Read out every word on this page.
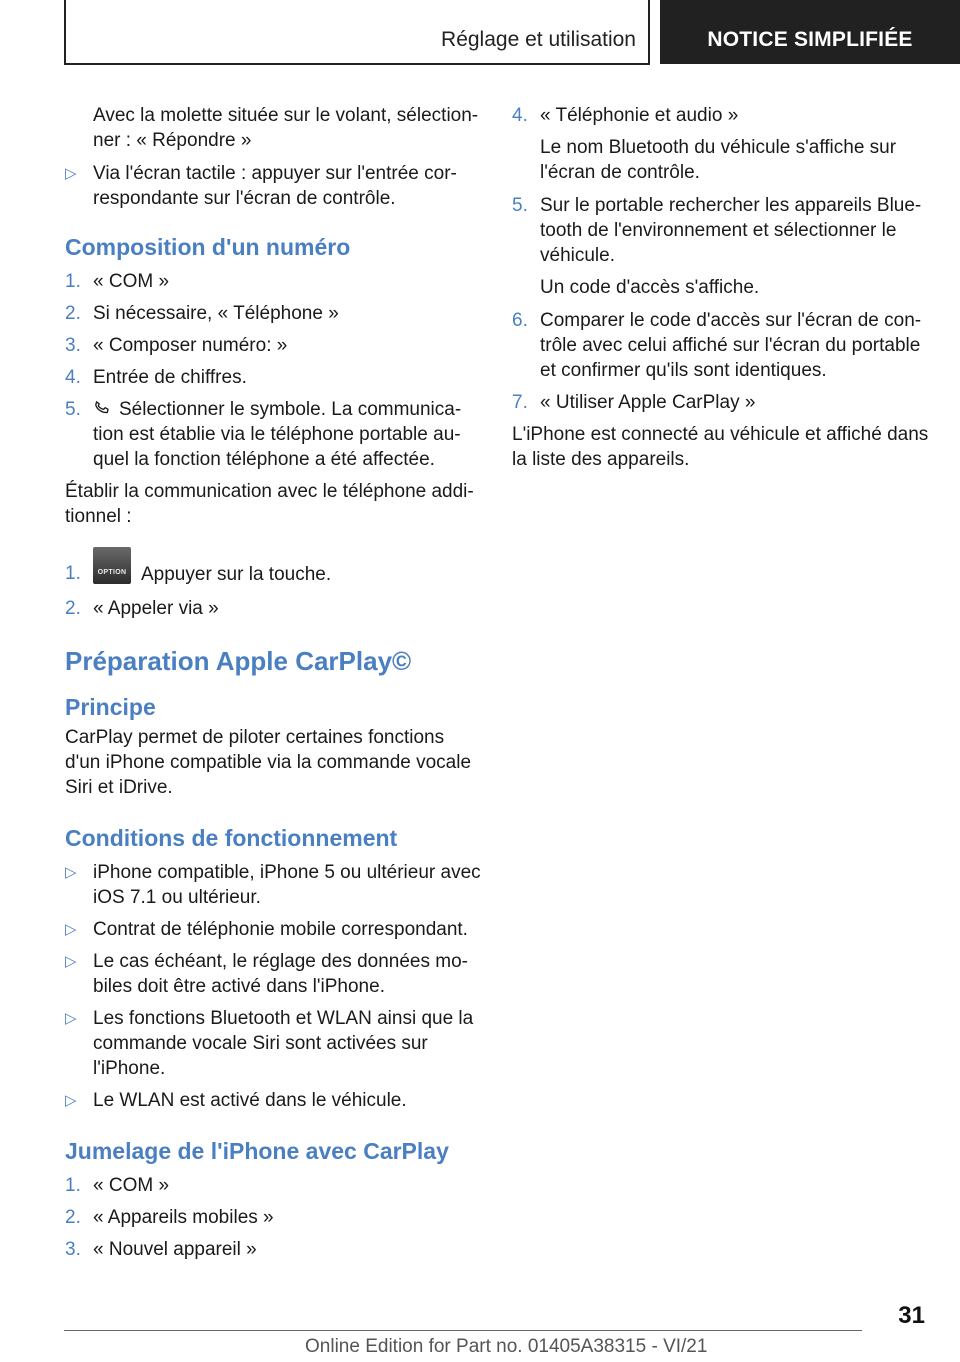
Réglage et utilisation	NOTICE SIMPLIFIÉE
Avec la molette située sur le volant, sélection-ner : « Répondre »
▷ Via l'écran tactile : appuyer sur l'entrée cor-respondante sur l'écran de contrôle.
Composition d'un numéro
1. « COM »
2. Si nécessaire, « Téléphone »
3. « Composer numéro: »
4. Entrée de chiffres.
5. Sélectionner le symbole. La communica-tion est établie via le téléphone portable au-quel la fonction téléphone a été affectée.
Établir la communication avec le téléphone addi-tionnel :
1.	OPTION Appuyer sur la touche.
2. « Appeler via »
Préparation Apple CarPlay©
Principe
CarPlay permet de piloter certaines fonctions d'un iPhone compatible via la commande vocale Siri et iDrive.
Conditions de fonctionnement
▷ iPhone compatible, iPhone 5 ou ultérieur avec iOS 7.1 ou ultérieur.
▷ Contrat de téléphonie mobile correspondant.
▷ Le cas échéant, le réglage des données mo-biles doit être activé dans l'iPhone.
▷ Les fonctions Bluetooth et WLAN ainsi que la commande vocale Siri sont activées sur l'iPhone.
▷ Le WLAN est activé dans le véhicule.
Jumelage de l'iPhone avec CarPlay
1. « COM »
2. « Appareils mobiles »
3. « Nouvel appareil »
4. « Téléphonie et audio »
Le nom Bluetooth du véhicule s'affiche sur l'écran de contrôle.
5. Sur le portable rechercher les appareils Blue-tooth de l'environnement et sélectionner le véhicule.
Un code d'accès s'affiche.
6. Comparer le code d'accès sur l'écran de con-trôle avec celui affiché sur l'écran du portable et confirmer qu'ils sont identiques.
7. « Utiliser Apple CarPlay »
L'iPhone est connecté au véhicule et affiché dans la liste des appareils.
31
Online Edition for Part no. 01405A38315 - VI/21
